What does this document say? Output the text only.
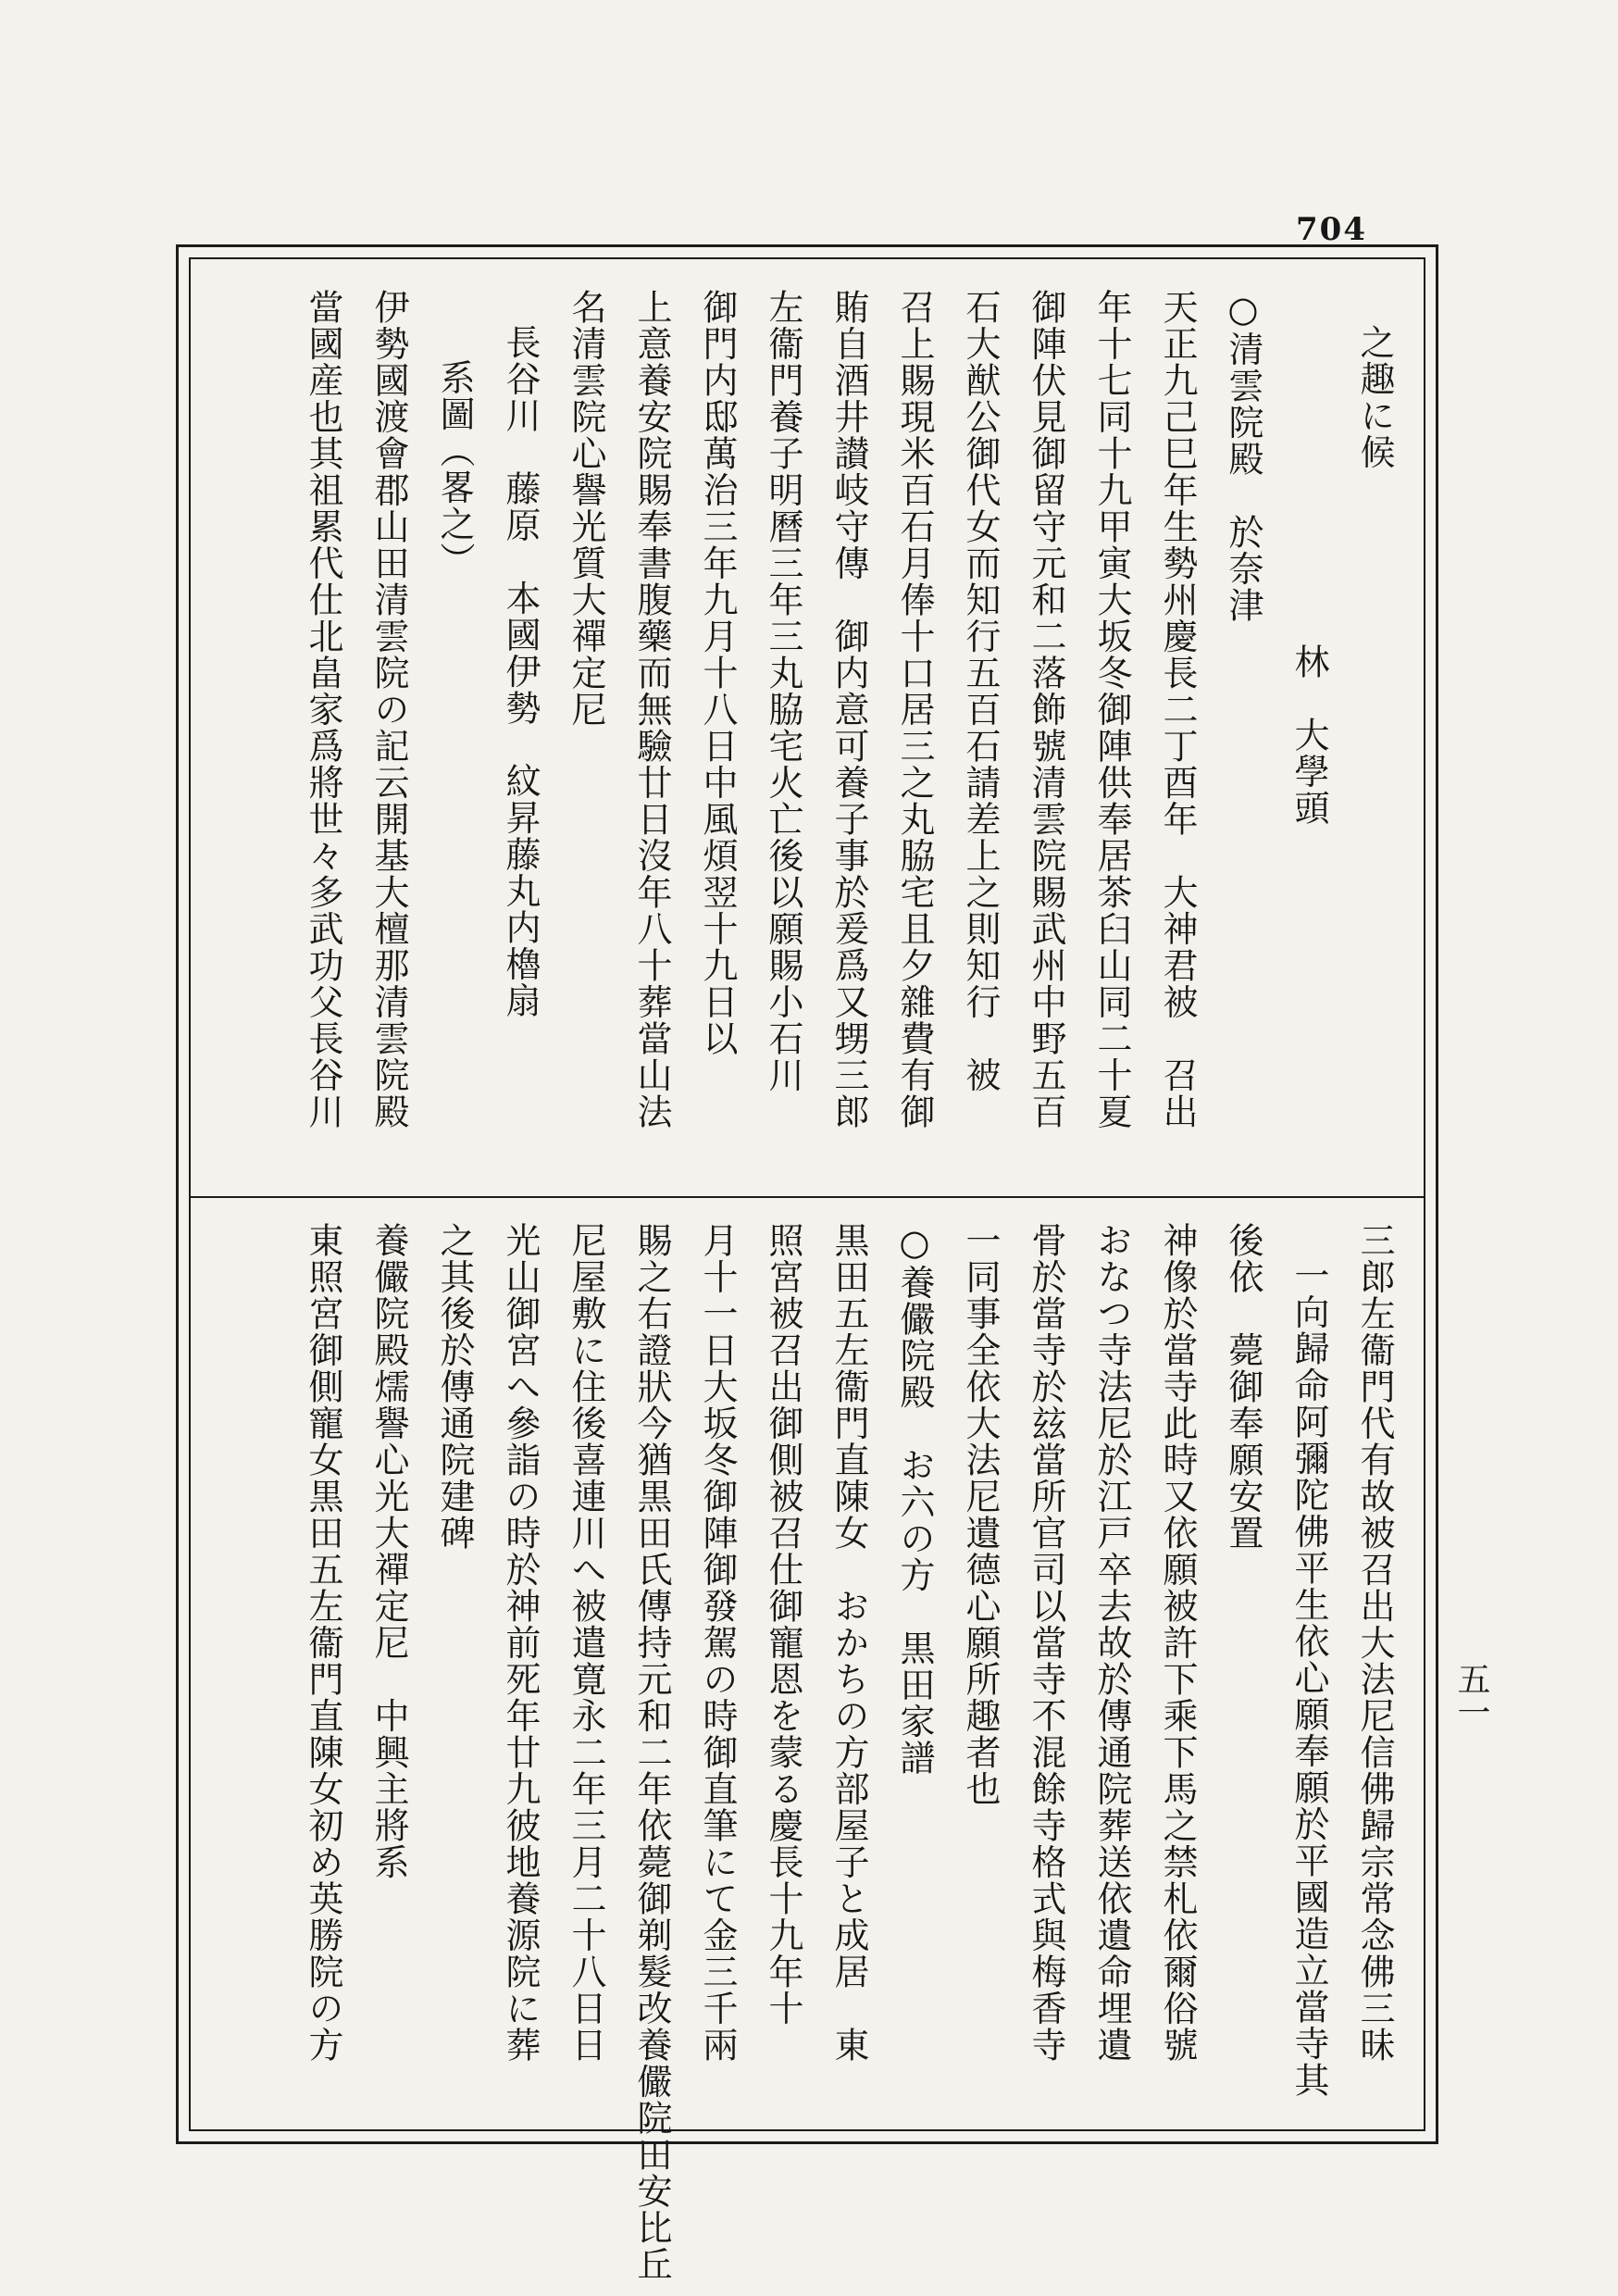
704
五一
之趣に候
林　大學頭
○清雲院殿　於奈津
天正九己巳年生勢州慶長二丁酉年　大神君被　召出
年十七同十九甲寅大坂冬御陣供奉居茶臼山同二十夏
御陣伏見御留守元和二落飾號清雲院賜武州中野五百
石大猷公御代女而知行五百石請差上之則知行　被
召上賜現米百石月俸十口居三之丸脇宅且夕雜費有御
賄自酒井讃岐守傳　御内意可養子事於爰爲又甥三郎
左衞門養子明曆三年三丸脇宅火亡後以願賜小石川
御門内邸萬治三年九月十八日中風煩翌十九日以
上意養安院賜奉書腹藥而無驗廿日沒年八十葬當山法
名清雲院心譽光質大禪定尼
長谷川　藤原　本國伊勢　紋昇藤丸内櫓扇
系圖（畧之）
伊勢國渡會郡山田清雲院の記云開基大檀那清雲院殿
當國産也其祖累代仕北畠家爲將世々多武功父長谷川
三郎左衞門代有故被召出大法尼信佛歸宗常念佛三昧
一向歸命阿彌陀佛平生依心願奉願於平國造立當寺其
後依　薨御奉願安置
神像於當寺此時又依願被許下乘下馬之禁札依爾俗號
おなつ寺法尼於江戸卒去故於傳通院葬送依遺命埋遺
骨於當寺於玆當所官司以當寺不混餘寺格式與梅香寺
一同事全依大法尼遺德心願所趣者也
○養儼院殿　お六の方　黒田家譜
黒田五左衞門直陳女　おかちの方部屋子と成居　東
照宮被召出御側被召仕御寵恩を蒙る慶長十九年十
月十一日大坂冬御陣御發駕の時御直筆にて金三千兩
賜之右證狀今猶黒田氏傳持元和二年依薨御剃髮改養儼院田安比丘
尼屋敷に住後喜連川へ被遣寛永二年三月二十八日日
光山御宮へ參詣の時於神前死年廿九彼地養源院に葬
之其後於傳通院建碑
養儼院殿燸譽心光大禪定尼　中興主將系
東照宮御側寵女黒田五左衞門直陳女初め英勝院の方
